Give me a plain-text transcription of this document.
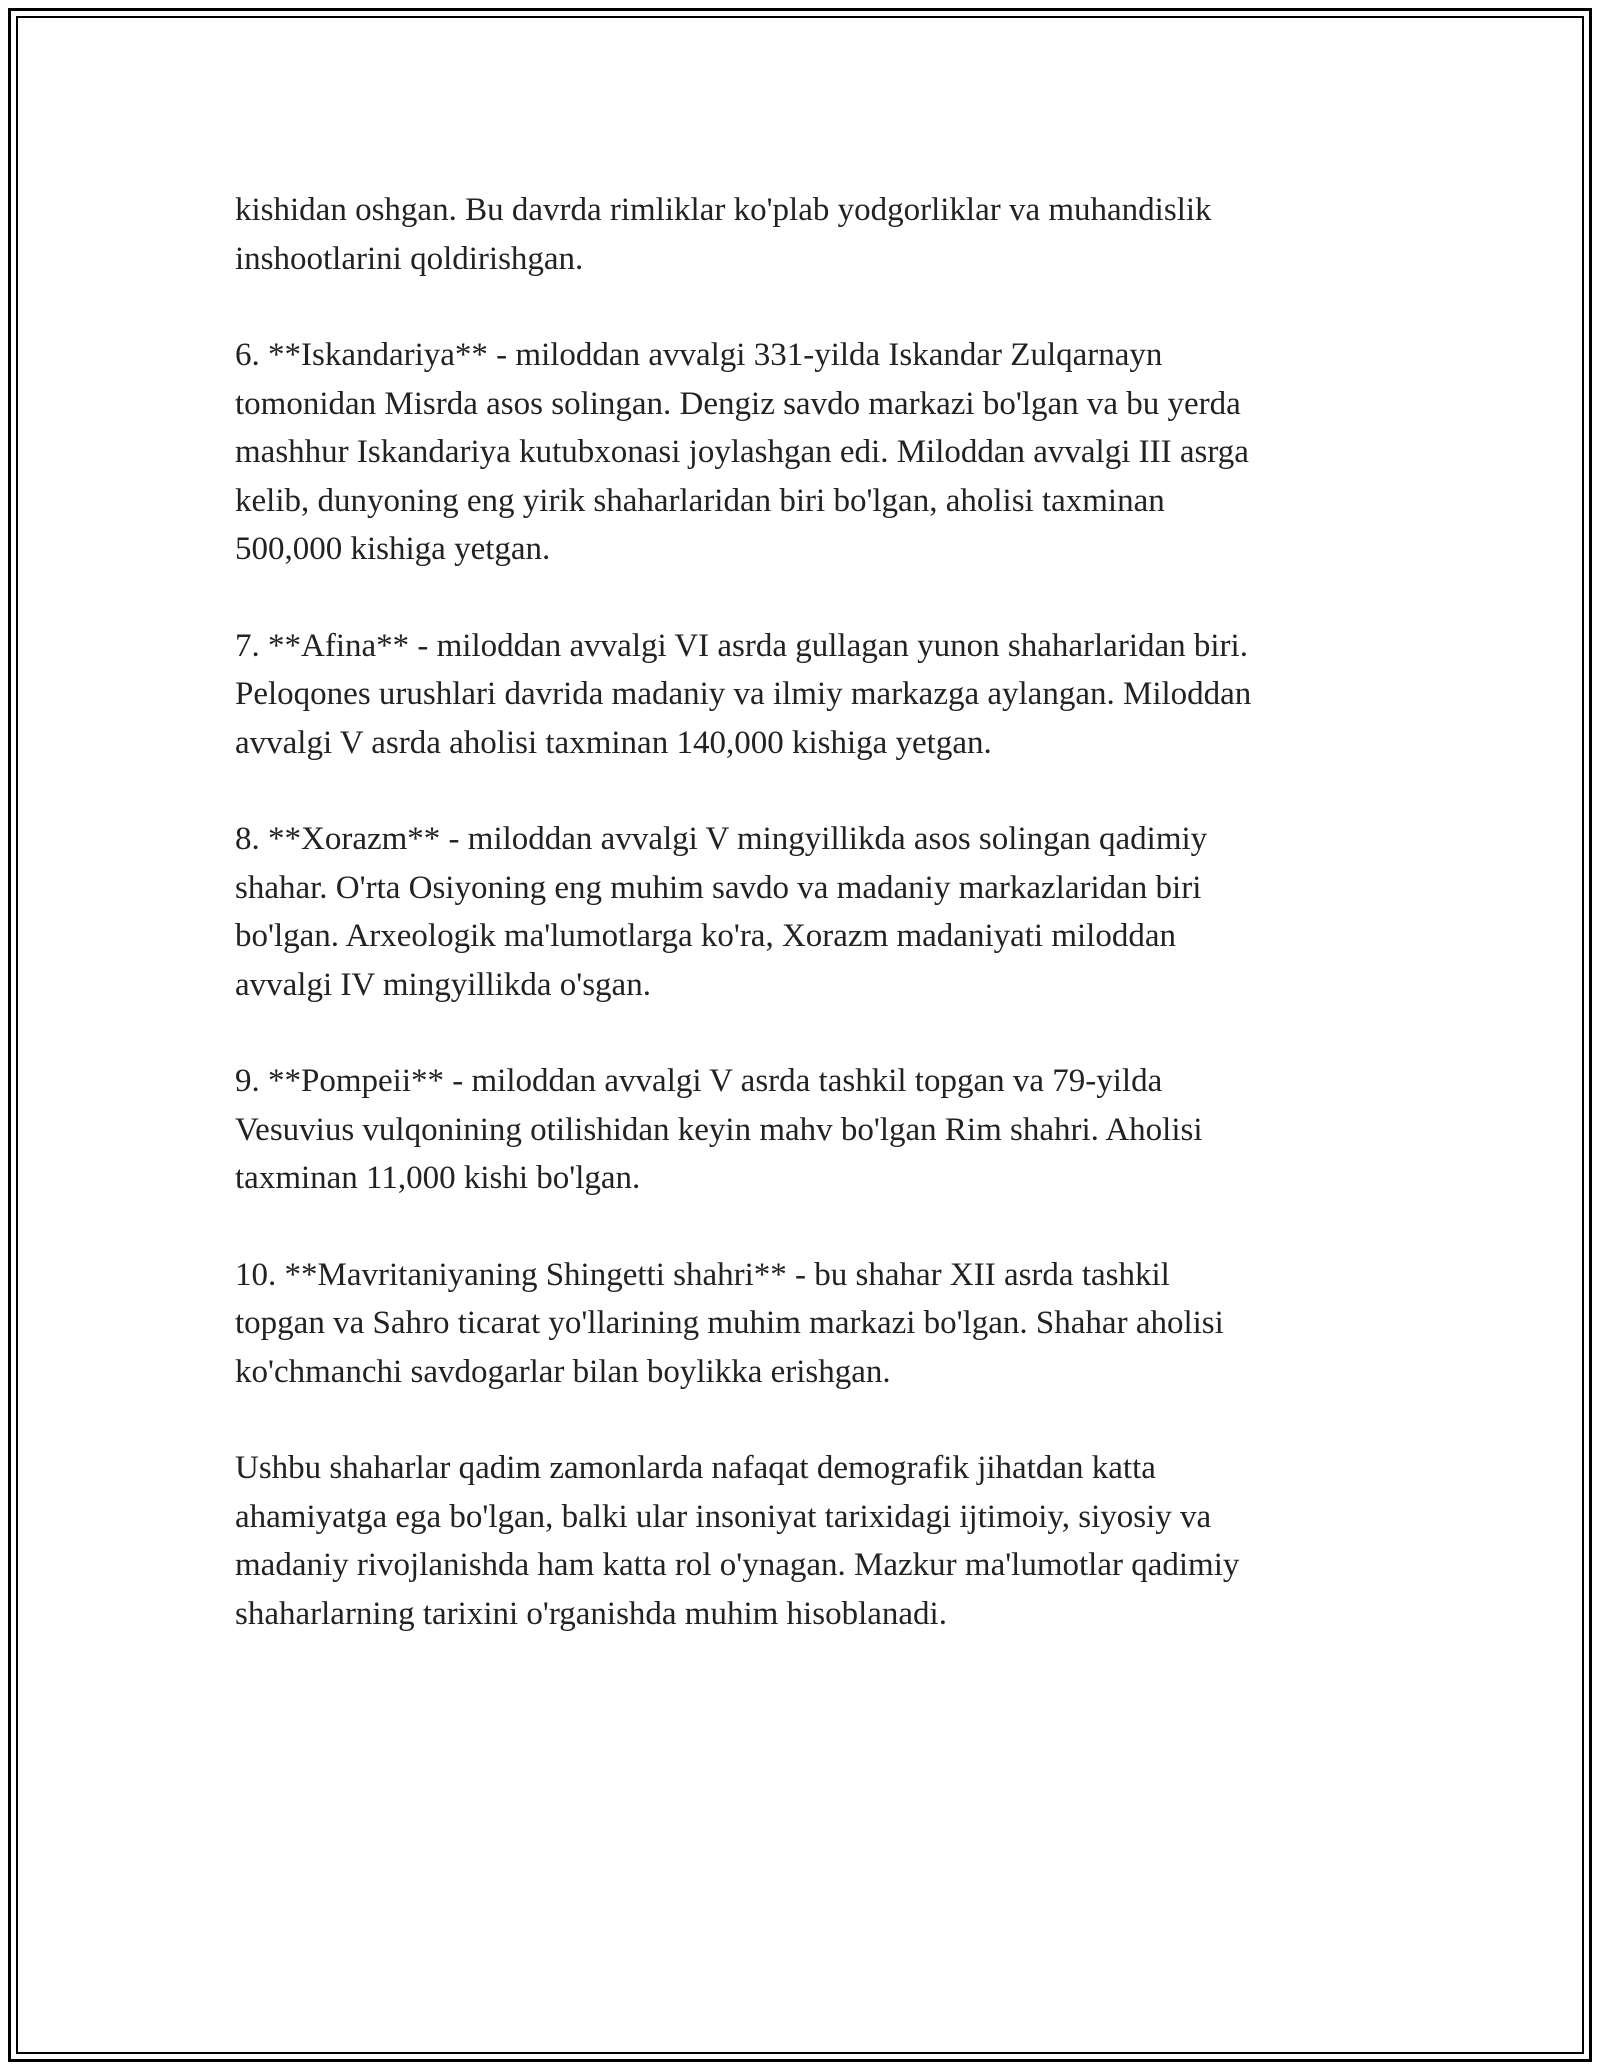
kishidan oshgan. Bu davrda rimliklar ko'plab yodgorliklar va muhandislik
inshootlarini qoldirishgan.

6. **Iskandariya** - miloddan avvalgi 331-yilda Iskandar Zulqarnayn
tomonidan Misrda asos solingan. Dengiz savdo markazi bo'lgan va bu yerda
mashhur Iskandariya kutubxonasi joylashgan edi. Miloddan avvalgi III asrga
kelib, dunyoning eng yirik shaharlaridan biri bo'lgan, aholisi taxminan
500,000 kishiga yetgan.

7. **Afina** - miloddan avvalgi VI asrda gullagan yunon shaharlaridan biri.
Peloqones urushlari davrida madaniy va ilmiy markazga aylangan. Miloddan
avvalgi V asrda aholisi taxminan 140,000 kishiga yetgan.

8. **Xorazm** - miloddan avvalgi V mingyillikda asos solingan qadimiy
shahar. O'rta Osiyoning eng muhim savdo va madaniy markazlaridan biri
bo'lgan. Arxeologik ma'lumotlarga ko'ra, Xorazm madaniyati miloddan
avvalgi IV mingyillikda o'sgan.

9. **Pompeii** - miloddan avvalgi V asrda tashkil topgan va 79-yilda
Vesuvius vulqonining otilishidan keyin mahv bo'lgan Rim shahri. Aholisi
taxminan 11,000 kishi bo'lgan.

10. **Mavritaniyaning Shingetti shahri** - bu shahar XII asrda tashkil
topgan va Sahro ticarat yo'llarining muhim markazi bo'lgan. Shahar aholisi
ko'chmanchi savdogarlar bilan boylikka erishgan.

Ushbu shaharlar qadim zamonlarda nafaqat demografik jihatdan katta
ahamiyatga ega bo'lgan, balki ular insoniyat tarixidagi ijtimoiy, siyosiy va
madaniy rivojlanishda ham katta rol o'ynagan. Mazkur ma'lumotlar qadimiy
shaharlarning tarixini o'rganishda muhim hisoblanadi.
